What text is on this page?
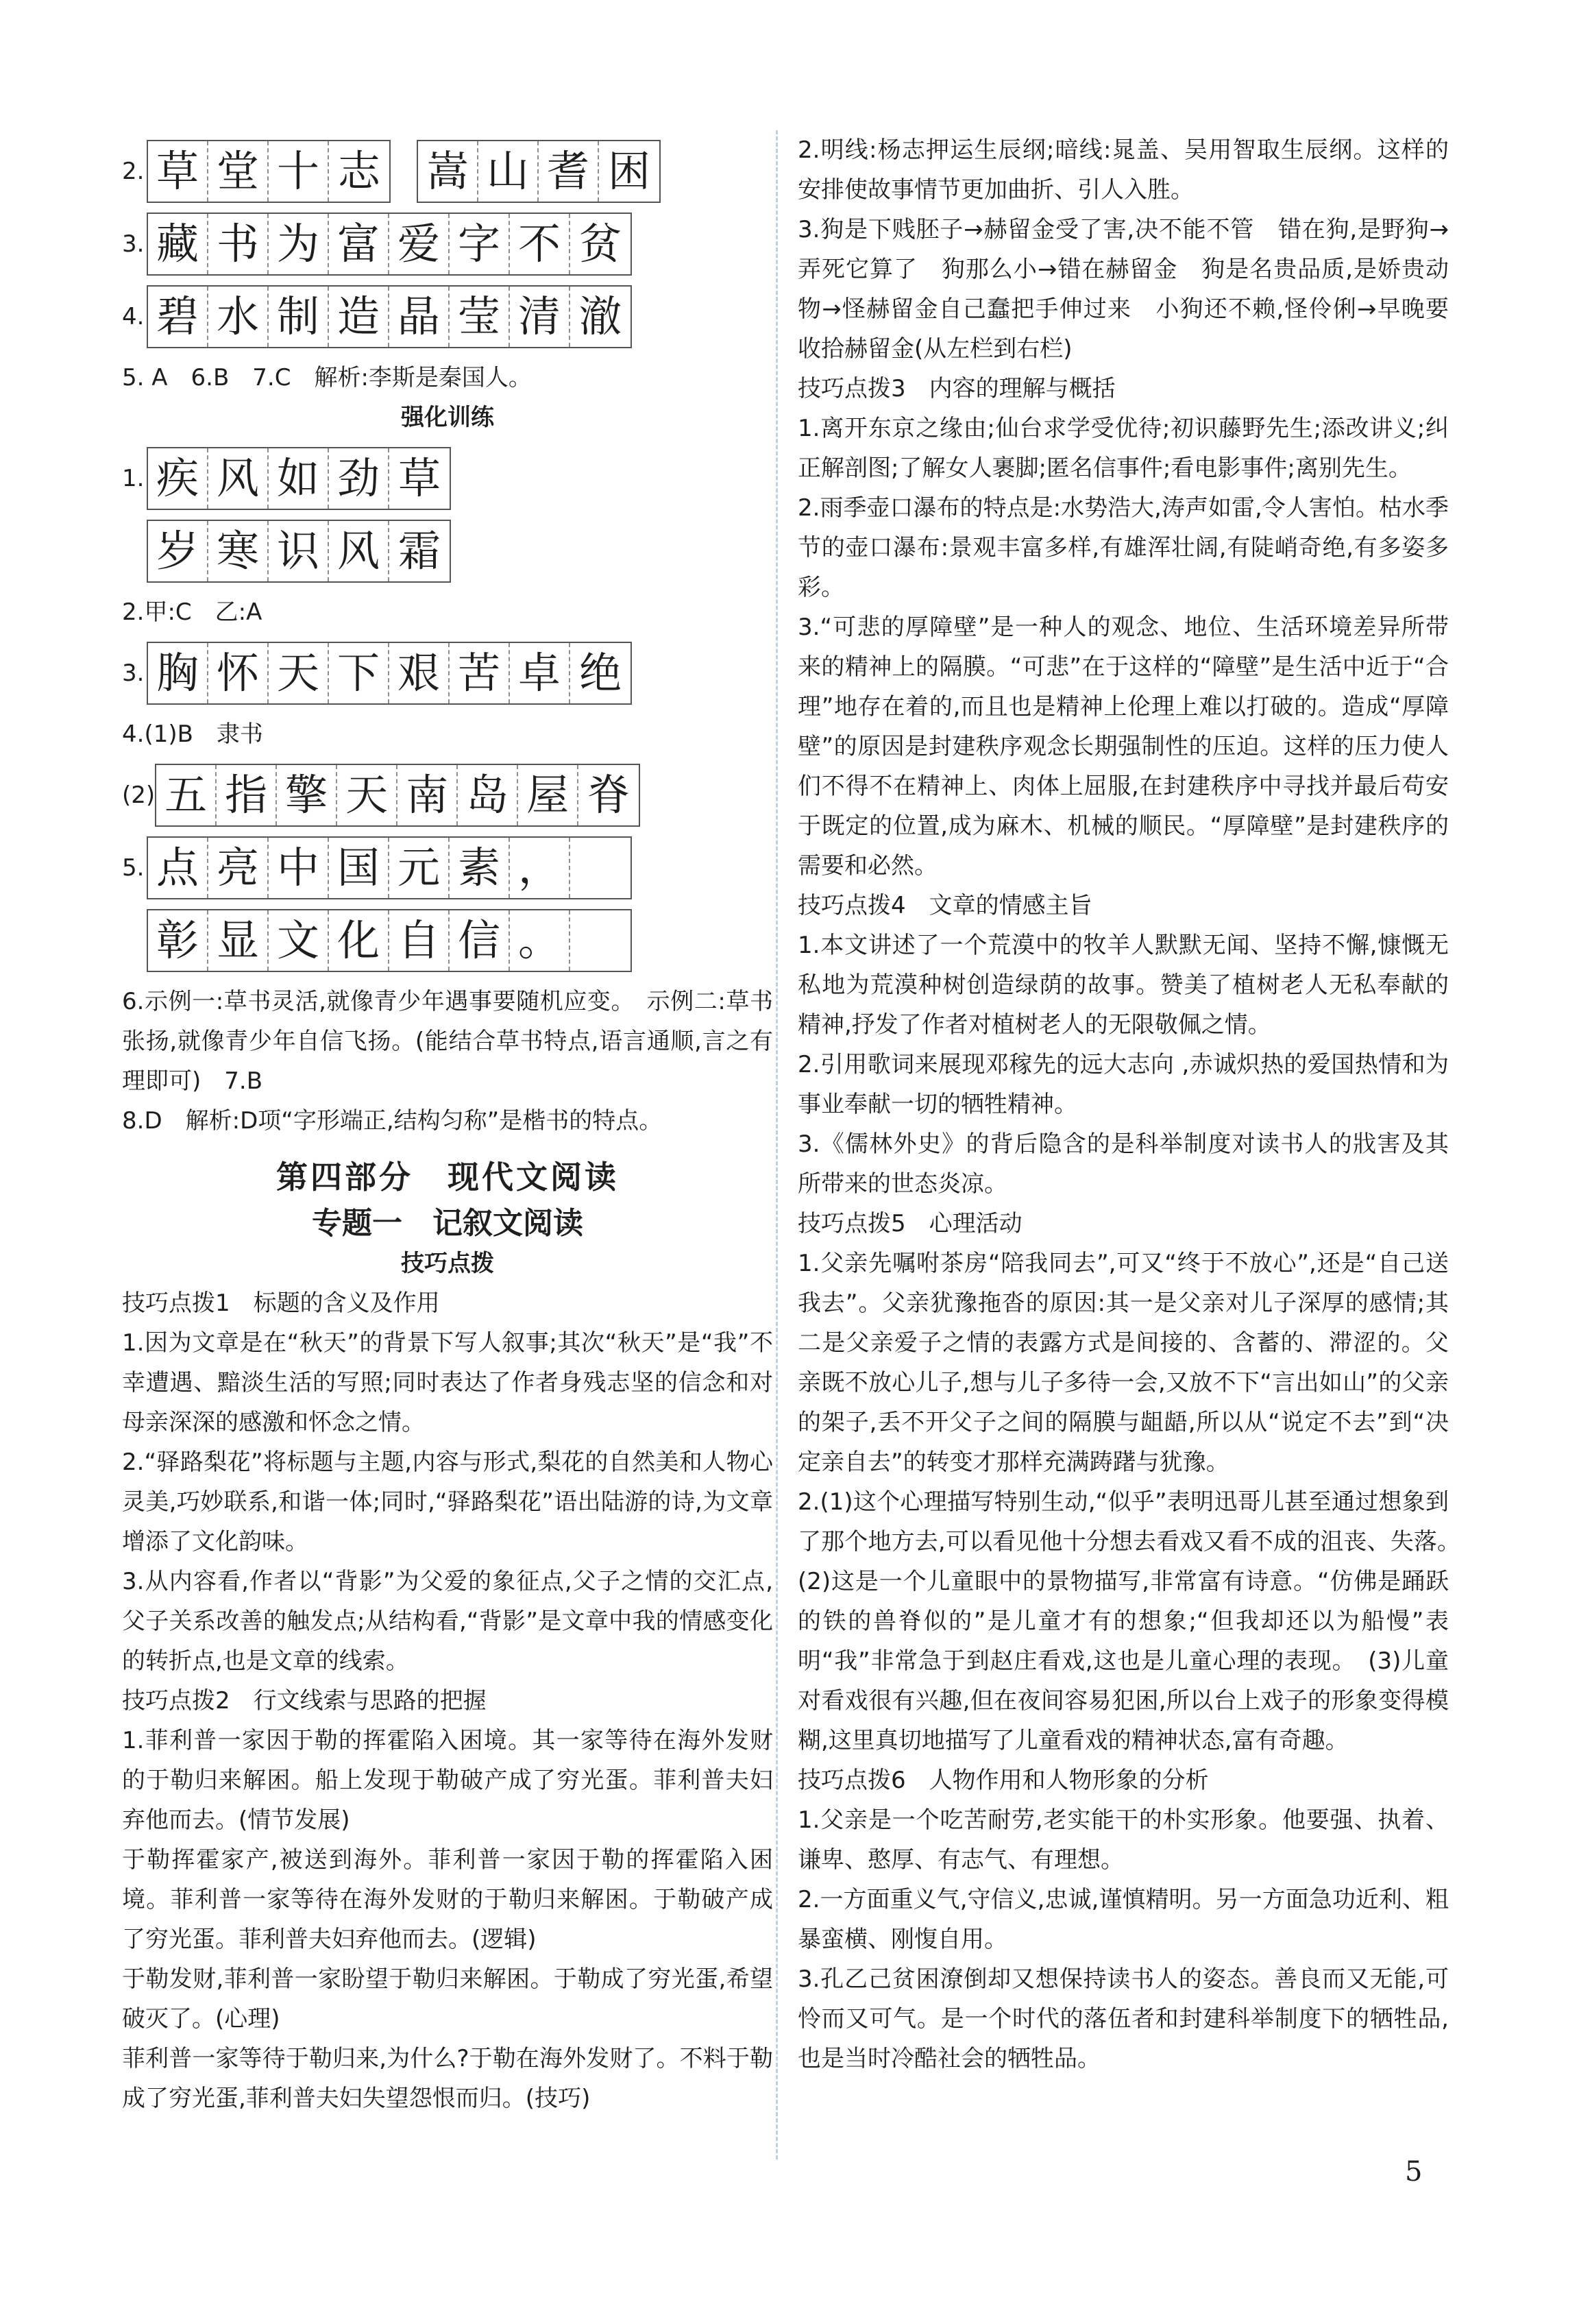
2. 草 堂 十 志 嵩 山 耆 困
3. 藏 书 为 富 爱 字 不 贫
4. 碧 水 制 造 晶 莹 清 澈

5. A　6.B　7.C　解析:李斯是秦国人。

强化训练

1. 疾 风 如 劲 草
岁 寒 识 风 霜

2.甲:C　乙:A

3. 胸 怀 天 下 艰 苦 卓 绝

4.(1)B　隶书

(2) 五 指 擎 天 南 岛 屋 脊
5. 点 亮 中 国 元 素 ，
彰 显 文 化 自 信 。

6.示例一:草书灵活,就像青少年遇事要随机应变。　示例二:草书张扬,就像青少年自信飞扬。(能结合草书特点,语言通顺,言之有理即可)　7.B

8.D　解析:D项“字形端正,结构匀称”是楷书的特点。

第四部分　现代文阅读
专题一　记叙文阅读

技巧点拨

技巧点拨1　标题的含义及作用

1.因为文章是在“秋天”的背景下写人叙事;其次“秋天”是“我”不幸遭遇、黯淡生活的写照;同时表达了作者身残志坚的信念和对母亲深深的感激和怀念之情。

2.“驿路梨花”将标题与主题,内容与形式,梨花的自然美和人物心灵美,巧妙联系,和谐一体;同时,“驿路梨花”语出陆游的诗,为文章增添了文化韵味。

3.从内容看,作者以“背影”为父爱的象征点,父子之情的交汇点,父子关系改善的触发点;从结构看,“背影”是文章中我的情感变化的转折点,也是文章的线索。

技巧点拨2　行文线索与思路的把握

1.菲利普一家因于勒的挥霍陷入困境。其一家等待在海外发财的于勒归来解困。船上发现于勒破产成了穷光蛋。菲利普夫妇弃他而去。(情节发展)

于勒挥霍家产,被送到海外。菲利普一家因于勒的挥霍陷入困境。菲利普一家等待在海外发财的于勒归来解困。于勒破产成了穷光蛋。菲利普夫妇弃他而去。(逻辑)

于勒发财,菲利普一家盼望于勒归来解困。于勒成了穷光蛋,希望破灭了。(心理)

菲利普一家等待于勒归来,为什么?于勒在海外发财了。不料于勒成了穷光蛋,菲利普夫妇失望怨恨而归。(技巧)

2.明线:杨志押运生辰纲;暗线:晁盖、吴用智取生辰纲。这样的安排使故事情节更加曲折、引人入胜。

3.狗是下贱胚子→赫留金受了害,决不能不管　错在狗,是野狗→弄死它算了　狗那么小→错在赫留金　狗是名贵品质,是娇贵动物→怪赫留金自己蠢把手伸过来　小狗还不赖,怪伶俐→早晚要收拾赫留金(从左栏到右栏)

技巧点拨3　内容的理解与概括

1.离开东京之缘由;仙台求学受优待;初识藤野先生;添改讲义;纠正解剖图;了解女人裹脚;匿名信事件;看电影事件;离别先生。

2.雨季壶口瀑布的特点是:水势浩大,涛声如雷,令人害怕。枯水季节的壶口瀑布:景观丰富多样,有雄浑壮阔,有陡峭奇绝,有多姿多彩。

3.“可悲的厚障壁”是一种人的观念、地位、生活环境差异所带来的精神上的隔膜。“可悲”在于这样的“障壁”是生活中近于“合理”地存在着的,而且也是精神上伦理上难以打破的。造成“厚障壁”的原因是封建秩序观念长期强制性的压迫。这样的压力使人们不得不在精神上、肉体上屈服,在封建秩序中寻找并最后苟安于既定的位置,成为麻木、机械的顺民。“厚障壁”是封建秩序的需要和必然。

技巧点拨4　文章的情感主旨

1.本文讲述了一个荒漠中的牧羊人默默无闻、坚持不懈,慷慨无私地为荒漠种树创造绿荫的故事。赞美了植树老人无私奉献的精神,抒发了作者对植树老人的无限敬佩之情。

2.引用歌词来展现邓稼先的远大志向 ,赤诚炽热的爱国热情和为事业奉献一切的牺牲精神。

3.《儒林外史》的背后隐含的是科举制度对读书人的戕害及其所带来的世态炎凉。

技巧点拨5　心理活动

1.父亲先嘱咐茶房“陪我同去”,可又“终于不放心”,还是“自己送我去”。父亲犹豫拖沓的原因:其一是父亲对儿子深厚的感情;其二是父亲爱子之情的表露方式是间接的、含蓄的、滞涩的。父亲既不放心儿子,想与儿子多待一会,又放不下“言出如山”的父亲的架子,丢不开父子之间的隔膜与龃龉,所以从“说定不去”到“决定亲自去”的转变才那样充满踌躇与犹豫。

2.(1)这个心理描写特别生动,“似乎”表明迅哥儿甚至通过想象到了那个地方去,可以看见他十分想去看戏又看不成的沮丧、失落。　(2)这是一个儿童眼中的景物描写,非常富有诗意。“仿佛是踊跃的铁的兽脊似的”是儿童才有的想象;“但我却还以为船慢”表明“我”非常急于到赵庄看戏,这也是儿童心理的表现。　(3)儿童对看戏很有兴趣,但在夜间容易犯困,所以台上戏子的形象变得模糊,这里真切地描写了儿童看戏的精神状态,富有奇趣。

技巧点拨6　人物作用和人物形象的分析

1.父亲是一个吃苦耐劳,老实能干的朴实形象。他要强、执着、谦卑、憨厚、有志气、有理想。

2.一方面重义气,守信义,忠诚,谨慎精明。另一方面急功近利、粗暴蛮横、刚愎自用。

3.孔乙己贫困潦倒却又想保持读书人的姿态。善良而又无能,可怜而又可气。是一个时代的落伍者和封建科举制度下的牺牲品,也是当时冷酷社会的牺牲品。

5
